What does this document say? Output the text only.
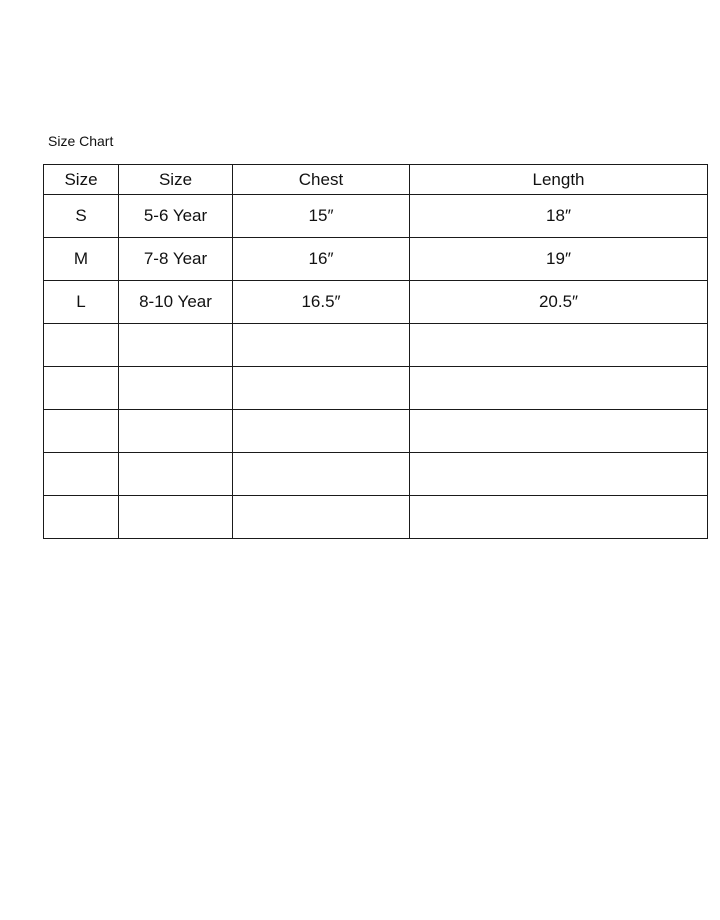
Size Chart
Size	Size	Chest	Length
S	5-6 Year	15″	18″
M	7-8 Year	16″	19″
L	8-10 Year	16.5″	20.5″
